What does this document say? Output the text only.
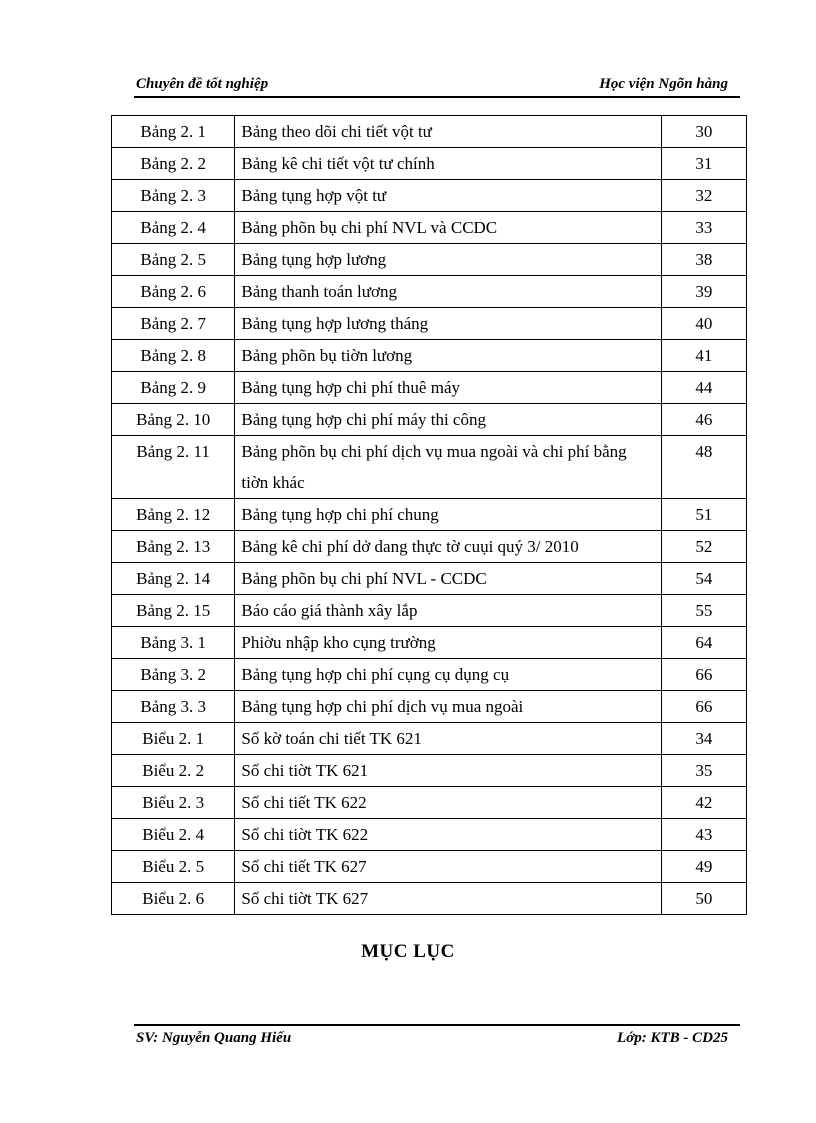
Chuyên đề tốt nghiệp	Học viện Ngõn hàng
Bảng 2. 1	Bảng theo dõi chi tiết vột tư	30
Bảng 2. 2	Bảng kê chi tiết vột tư chính	31
Bảng 2. 3	Bảng tụng hợp vột tư	32
Bảng 2. 4	Bảng phõn bụ chi phí NVL và CCDC	33
Bảng 2. 5	Bảng tụng hợp lương	38
Bảng 2. 6	Bảng thanh toán lương	39
Bảng 2. 7	Bảng tụng hợp lương tháng	40
Bảng 2. 8	Bảng phõn bụ tiờn lương	41
Bảng 2. 9	Bảng tụng hợp chi phí thuê máy	44
Bảng 2. 10	Bảng tụng hợp chi phí máy thi công	46
Bảng 2. 11	Bảng phõn bụ chi phí dịch vụ mua ngoài và chi phí bằng tiờn khác	48
Bảng 2. 12	Bảng tụng hợp chi phí chung	51
Bảng 2. 13	Bảng kê chi phí dở dang thực tờ cuụi quý 3/ 2010	52
Bảng 2. 14	Bảng phõn bụ chi phí NVL - CCDC	54
Bảng 2. 15	Báo cáo giá thành xây lắp	55
Bảng 3. 1	Phiờu nhập kho cụng trường	64
Bảng 3. 2	Bảng tụng hợp chi phí cụng cụ dụng cụ	66
Bảng 3. 3	Bảng tụng hợp chi phí dịch vụ mua ngoài	66
Biểu 2. 1	Sổ kờ toán chi tiết TK 621	34
Biểu 2. 2	Sổ chi tiờt TK 621	35
Biểu 2. 3	Sổ chi tiết TK 622	42
Biểu 2. 4	Sổ chi tiờt TK 622	43
Biểu 2. 5	Sổ chi tiết TK 627	49
Biểu 2. 6	Sổ chi tiờt TK 627	50
MỤC LỤC
SV: Nguyễn Quang Hiếu	Lớp: KTB - CD25
